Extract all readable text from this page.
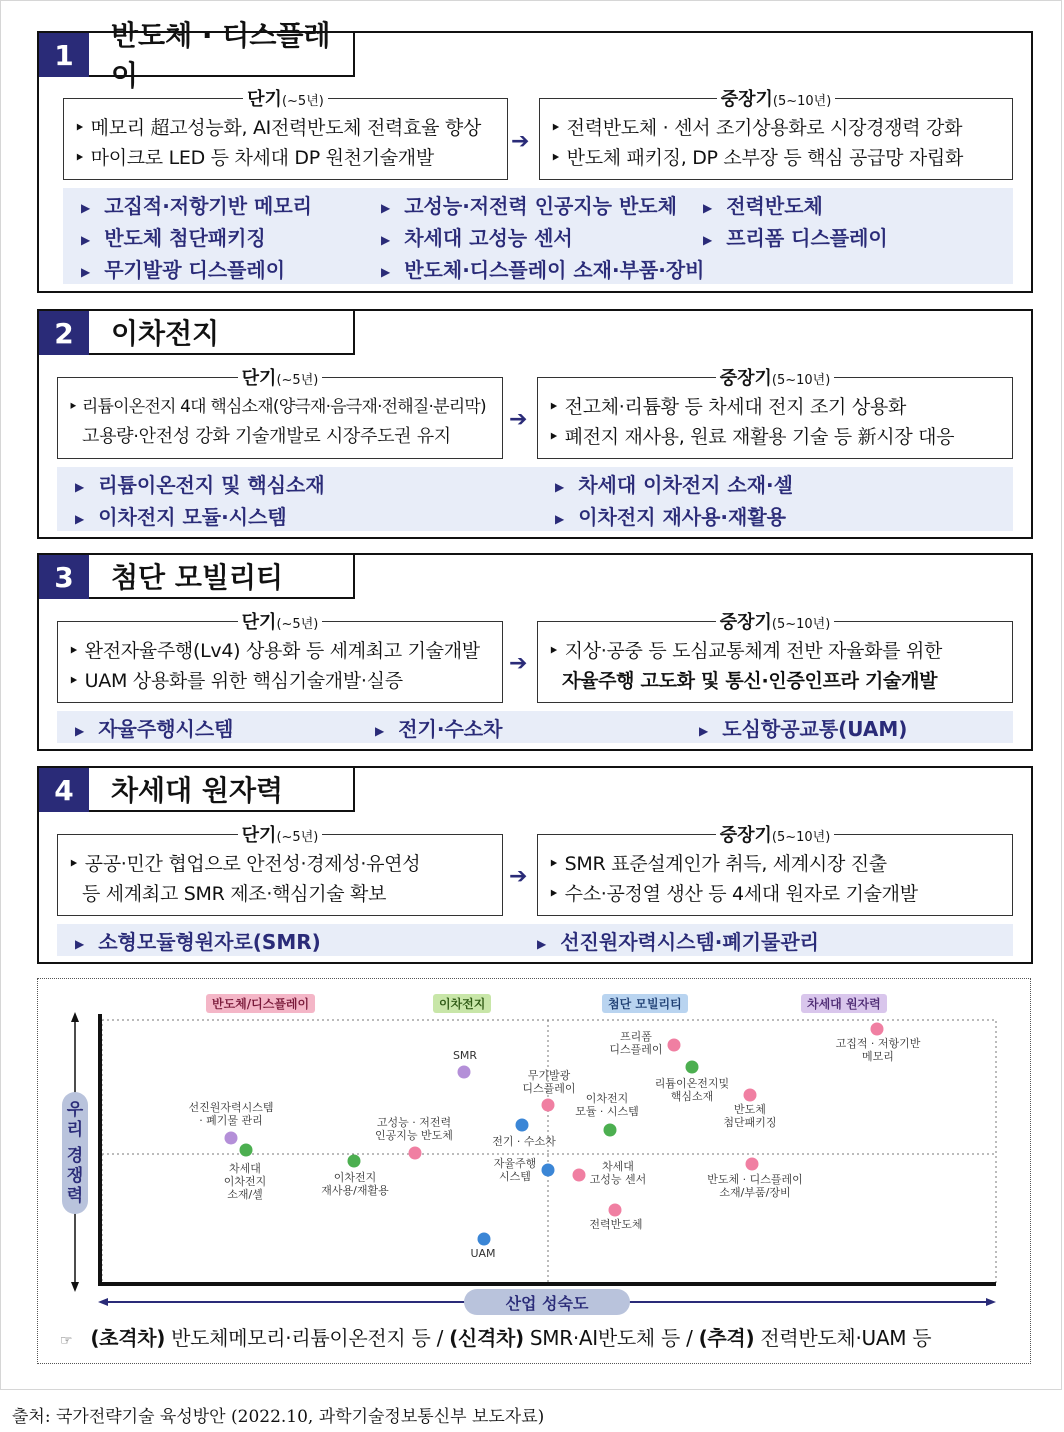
1
반도체 · 디스플레이
단기(~5년)
‣ 메모리 超고성능화, AI전력반도체 전력효율 향상
‣ 마이크로 LED 등 차세대 DP 원천기술개발
➔
중장기(5~10년)
‣ 전력반도체 · 센서 조기상용화로 시장경쟁력 강화
‣ 반도체 패키징, DP 소부장 등 핵심 공급망 자립화
▶ 고집적·저항기반 메모리	▶ 고성능·저전력 인공지능 반도체 ▶ 전력반도체
▶ 반도체 첨단패키징	▶ 차세대 고성능 센서	▶ 프리폼 디스플레이
▶ 무기발광 디스플레이	▶ 반도체·디스플레이 소재·부품·장비
2	이차전지
단기(~5년)
‣ 리튬이온전지 4대 핵심소재(양극재·음극재·전해질·분리막)
고용량·안전성 강화 기술개발로 시장주도권 유지
➔
중장기(5~10년)
‣ 전고체·리튬황 등 차세대 전지 조기 상용화
‣ 폐전지 재사용, 원료 재활용 기술 등 新시장 대응
▶ 리튬이온전지 및 핵심소재	▶ 차세대 이차전지 소재·셀
▶ 이차전지 모듈·시스템	▶ 이차전지 재사용·재활용
3	첨단 모빌리티
단기(~5년)
‣ 완전자율주행(Lv4) 상용화 등 세계최고 기술개발
‣ UAM 상용화를 위한 핵심기술개발·실증
➔
중장기(5~10년)
‣ 지상·공중 등 도심교통체계 전반 자율화를 위한
자율주행 고도화 및 통신·인증인프라 기술개발
▶ 자율주행시스템	▶ 전기·수소차	▶ 도심항공교통(UAM)
4	차세대 원자력
단기(~5년)
‣ 공공·민간 협업으로 안전성·경제성·유연성
등 세계최고 SMR 제조·핵심기술 확보
➔
중장기(5~10년)
‣ SMR 표준설계인가 취득, 세계시장 진출
‣ 수소·공정열 생산 등 4세대 원자로 기술개발
▶ 소형모듈형원자로(SMR)	▶ 선진원자력시스템·폐기물관리
고집적 · 저항기반 메모리
프리폼 디스플레이
SMR
리튬이온전지및 핵심소재
무기발광 디스플레이
반도체 첨단패키징
이차전지 모듈 · 시스템
선진원자력시스템 · 폐기물 관리	고성능 · 저전력 인공지능 반도체	전기 · 수소차
차세대 이차전지 소재/셀
이차전지 재사용/재활용
자율주행 시스템
차세대 고성능 센서	반도체 · 디스플레이 소재/부품/장비
전력반도체
UAM
반도체/디스플레이	이차전지	첨단 모빌리티	차세대 원자력
우
리
경
쟁
력
산업 성숙도
☞ (초격차) 반도체메모리·리튬이온전지 등 / (신격차) SMR·AI반도체 등 / (추격) 전력반도체·UAM 등
출처: 국가전략기술 육성방안 (2022.10, 과학기술정보통신부 보도자료)
